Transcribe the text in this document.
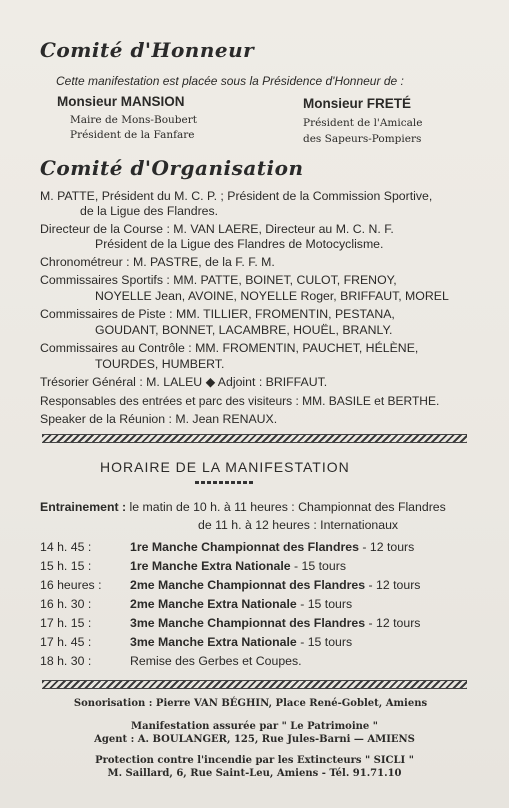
Comité d'Honneur
Cette manifestation est placée sous la Présidence d'Honneur de :
Monsieur MANSION
Maire de Mons-Boubert
Président de la Fanfare
Monsieur FRETÉ
Président de l'Amicale
des Sapeurs-Pompiers
Comité d'Organisation
M. PATTE, Président du M. C. P. ; Président de la Commission Sportive,
de la Ligue des Flandres.
Directeur de la Course : M. VAN LAERE, Directeur au M. C. N. F.
Président de la Ligue des Flandres de Motocyclisme.
Chronométreur : M. PASTRE, de la F. F. M.
Commissaires Sportifs : MM. PATTE, BOINET, CULOT, FRENOY,
NOYELLE Jean, AVOINE, NOYELLE Roger, BRIFFAUT, MOREL
Commissaires de Piste : MM. TILLIER, FROMENTIN, PESTANA,
GOUDANT, BONNET, LACAMBRE, HOUËL, BRANLY.
Commissaires au Contrôle : MM. FROMENTIN, PAUCHET, HÉLÈNE,
TOURDES, HUMBERT.
Trésorier Général : M. LALEU ◆ Adjoint : BRIFFAUT.
Responsables des entrées et parc des visiteurs : MM. BASILE et BERTHE.
Speaker de la Réunion : M. Jean RENAUX.
HORAIRE DE LA MANIFESTATION
Entrainement : le matin de 10 h. à 11 heures : Championnat des Flandres
de 11 h. à 12 heures : Internationaux
14 h. 45 :	1re Manche Championnat des Flandres - 12 tours
15 h. 15 :	1re Manche Extra Nationale - 15 tours
16 heures : 2me Manche Championnat des Flandres - 12 tours
16 h. 30 :	2me Manche Extra Nationale - 15 tours
17 h. 15 :	3me Manche Championnat des Flandres - 12 tours
17 h. 45 :	3me Manche Extra Nationale - 15 tours
18 h. 30 :	Remise des Gerbes et Coupes.
Sonorisation : Pierre VAN BÉGHIN, Place René-Goblet, Amiens
Manifestation assurée par " Le Patrimoine "
Agent : A. BOULANGER, 125, Rue Jules-Barni — AMIENS
Protection contre l'incendie par les Extincteurs " SICLI "
M. Saillard, 6, Rue Saint-Leu, Amiens - Tél. 91.71.10
